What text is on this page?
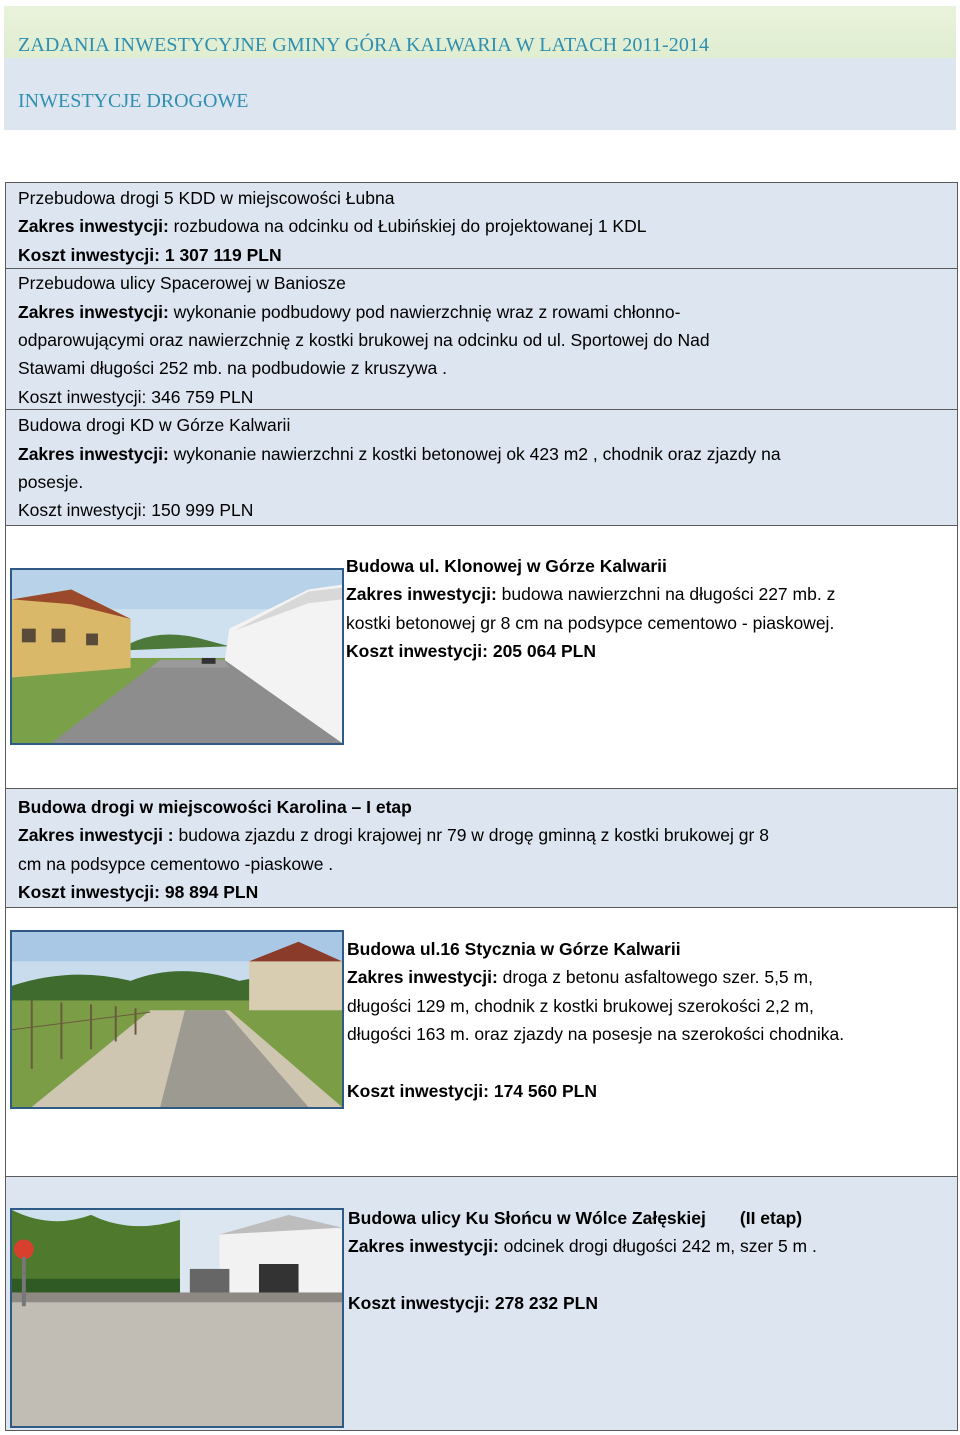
ZADANIA INWESTYCYJNE GMINY GÓRA KALWARIA W LATACH 2011-2014
INWESTYCJE DROGOWE
Przebudowa drogi 5 KDD w miejscowości Łubna
Zakres inwestycji: rozbudowa na odcinku od Łubińskiej do projektowanej 1 KDL
Koszt inwestycji: 1 307 119 PLN
Przebudowa ulicy Spacerowej w Baniosze
Zakres inwestycji: wykonanie podbudowy pod nawierzchnię wraz z rowami chłonno-
odparowującymi oraz nawierzchnię z kostki brukowej na odcinku od ul. Sportowej do Nad
Stawami długości 252 mb. na podbudowie z kruszywa .
Koszt inwestycji: 346 759 PLN
Budowa drogi KD w Górze Kalwarii
Zakres inwestycji: wykonanie nawierzchni z kostki betonowej ok 423 m2 , chodnik oraz zjazdy na
posesje.
Koszt inwestycji: 150 999 PLN
Budowa ul. Klonowej w Górze Kalwarii
Zakres inwestycji: budowa nawierzchni na długości 227 mb. z
kostki betonowej gr 8 cm na podsypce cementowo - piaskowej.
Koszt inwestycji: 205 064 PLN
Budowa drogi w miejscowości Karolina – I etap
Zakres inwestycji : budowa zjazdu z drogi krajowej nr 79 w drogę gminną z kostki brukowej gr 8
cm na podsypce cementowo -piaskowe .
Koszt inwestycji: 98 894 PLN
Budowa ul.16 Stycznia w Górze Kalwarii
Zakres inwestycji: droga z betonu asfaltowego szer. 5,5 m,
długości 129 m, chodnik z kostki brukowej szerokości 2,2 m,
długości 163 m. oraz zjazdy na posesje na szerokości chodnika.
Koszt inwestycji: 174 560 PLN
Budowa ulicy Ku Słońcu w Wólce Załęskiej       (II etap)
Zakres inwestycji: odcinek drogi długości 242 m, szer 5 m .
Koszt inwestycji: 278 232 PLN
